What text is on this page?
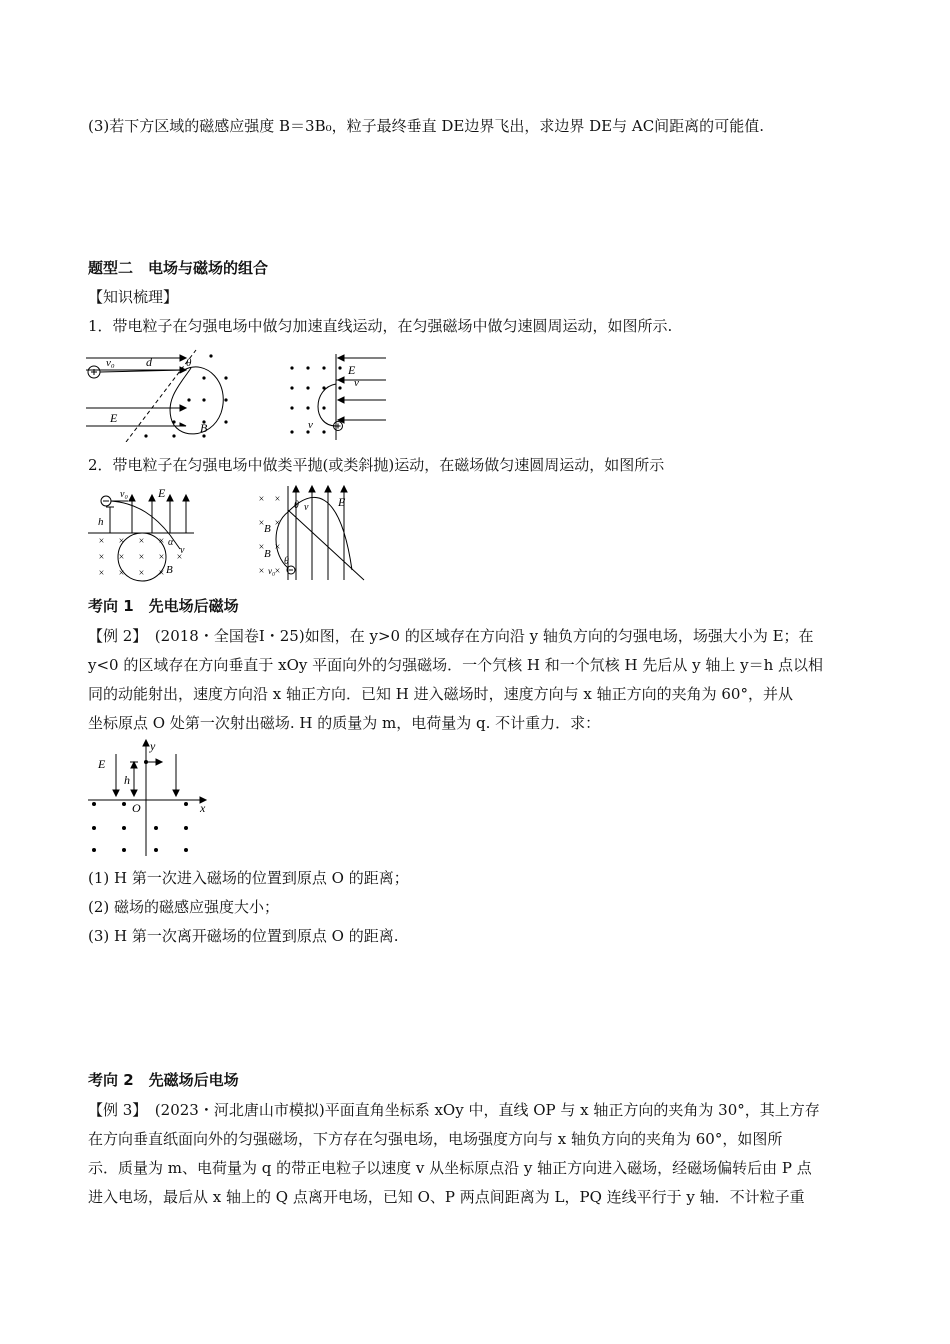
(3)若下方区域的磁感应强度 B＝3B₀，粒子最终垂直 DE边界飞出，求边界 DE与 AC间距离的可能值.
题型二　电场与磁场的组合
【知识梳理】
1．带电粒子在匀强电场中做匀加速直线运动，在匀强磁场中做匀速圆周运动，如图所示.
v₀	d	θ
E
B
E
v
v
2．带电粒子在匀强电场中做类平抛(或类斜抛)运动，在磁场做匀速圆周运动，如图所示
× × × ×
× × × × ×
× × × ×
v₀	E
h
α
v
B
× ×
× ×
× ×
× ×
B
B
θ v E
θ
v₀
考向 1　先电场后磁场
【例 2】　(2018・全国卷Ⅰ・25)如图，在 y>0 的区域存在方向沿 y 轴负方向的匀强电场，场强大小为 E；在
y<0 的区域存在方向垂直于 xOy 平面向外的匀强磁场．一个氕核 H 和一个氘核 H 先后从 y 轴上 y＝h 点以相
同的动能射出，速度方向沿 x 轴正方向．已知 H 进入磁场时，速度方向与 x 轴正方向的夹角为 60°，并从
坐标原点 O 处第一次射出磁场. H 的质量为 m，电荷量为 q. 不计重力．求：
E
h
y
O	x
(1) H 第一次进入磁场的位置到原点 O 的距离；
(2) 磁场的磁感应强度大小；
(3) H 第一次离开磁场的位置到原点 O 的距离.
考向 2　先磁场后电场
【例 3】　(2023・河北唐山市模拟)平面直角坐标系 xOy 中，直线 OP 与 x 轴正方向的夹角为 30°，其上方存
在方向垂直纸面向外的匀强磁场，下方存在匀强电场，电场强度方向与 x 轴负方向的夹角为 60°，如图所
示．质量为 m、电荷量为 q 的带正电粒子以速度 v 从坐标原点沿 y 轴正方向进入磁场，经磁场偏转后由 P 点
进入电场，最后从 x 轴上的 Q 点离开电场，已知 O、P 两点间距离为 L，PQ 连线平行于 y 轴．不计粒子重
